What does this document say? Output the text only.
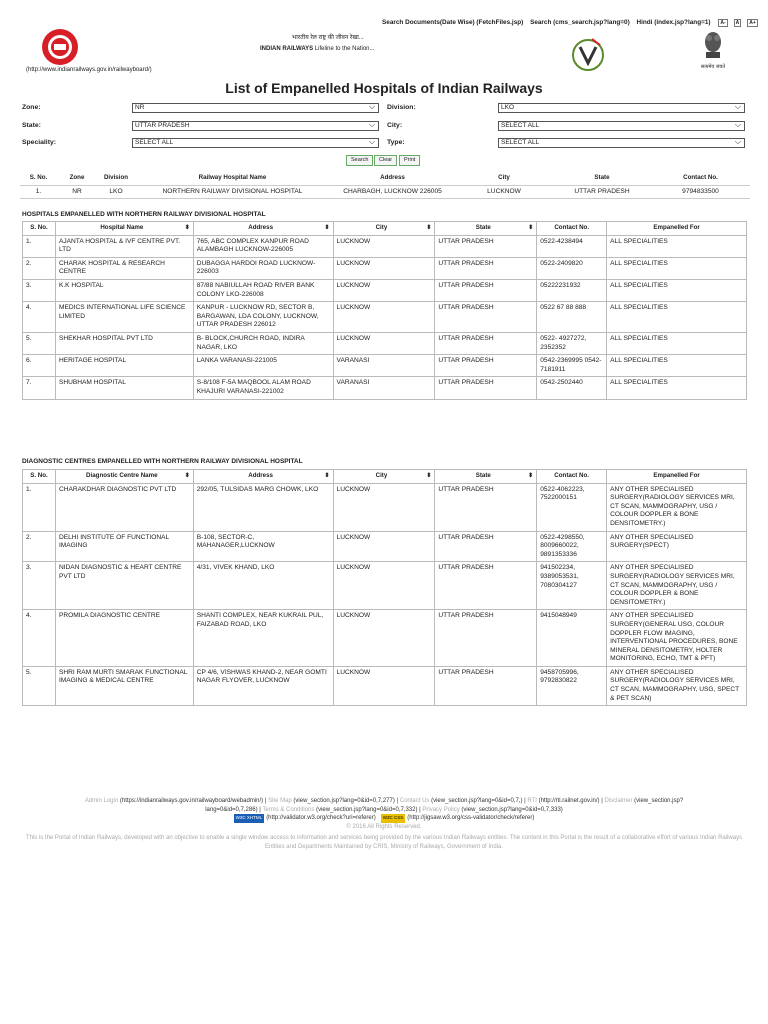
Search Documents(Date Wise) (FetchFiles.jsp) Search (cms_search.jsp?lang=0) Hindi (index.jsp?lang=1) A- A A+
भारतीय रेल राष्ट्र की जीवन रेखा...
INDIAN RAILWAYS Lifeline to the Nation...
(http://www.indianrailways.gov.in/railwayboard/)	सत्यमेव जयते
List of Empanelled Hospitals of Indian Railways
Zone:	NR	⌵ Division:	LKO	⌵
State:	UTTAR PRADESH	⌵ City:	SELECT ALL	⌵
Speciality:	SELECT ALL	⌵ Type:	SELECT ALL	⌵
Search	Clear	Print
S. No.	Zone	Division	Railway Hospital Name	Address	City	State	Contact No.
1.	NR	LKO	NORTHERN RAILWAY DIVISIONAL HOSPITAL	CHARBAGH, LUCKNOW 226005	LUCKNOW	UTTAR PRADESH	9794833500
HOSPITALS EMPANELLED WITH NORTHERN RAILWAY DIVISIONAL HOSPITAL
S. No.	Hospital Name ⬍	Address ⬍	City ⬍	State ⬍	Contact No.	Empanelled For
1.	AJANTA HOSPITAL & IVF CENTRE PVT. LTD	765, ABC COMPLEX KANPUR ROAD ALAMBAGH LUCKNOW-226005	LUCKNOW	UTTAR PRADESH	0522-4238494	ALL SPECIALITIES
2.	CHARAK HOSPITAL & RESEARCH CENTRE	DUBAGGA HARDOI ROAD LUCKNOW-226003	LUCKNOW	UTTAR PRADESH	0522-2409820	ALL SPECIALITIES
3.	K.K HOSPITAL	87/88 NABIULLAH ROAD RIVER BANK COLONY LKO-226008	LUCKNOW	UTTAR PRADESH	05222231932	ALL SPECIALITIES
4.	MEDICS INTERNATIONAL LIFE SCIENCE LIMITED	KANPUR - LUCKNOW RD, SECTOR B, BARGAWAN, LDA COLONY, LUCKNOW, UTTAR PRADESH 226012	LUCKNOW	UTTAR PRADESH	0522 67 88 888	ALL SPECIALITIES
5.	SHEKHAR HOSPITAL PVT LTD	B- BLOCK,CHURCH ROAD, INDIRA NAGAR, LKO	LUCKNOW	UTTAR PRADESH	0522- 4927272, 2352352	ALL SPECIALITIES
6.	HERITAGE HOSPITAL	LANKA VARANASI-221005	VARANASI	UTTAR PRADESH	0542-2369995 0542-7181911	ALL SPECIALITIES
7.	SHUBHAM HOSPITAL	S-8/108 F-5A MAQBOOL ALAM ROAD KHAJURI VARANASI-221002	VARANASI	UTTAR PRADESH	0542-2502440	ALL SPECIALITIES
DIAGNOSTIC CENTRES EMPANELLED WITH NORTHERN RAILWAY DIVISIONAL HOSPITAL
S. No.	Diagnostic Centre Name ⬍	Address ⬍	City ⬍	State ⬍	Contact No.	Empanelled For
1.	CHARAKDHAR DIAGNOSTIC PVT LTD	292/05, TULSIDAS MARG CHOWK, LKO	LUCKNOW	UTTAR PRADESH	0522-4062223, 7522000151	ANY OTHER SPECIALISED SURGERY(RADIOLOGY SERVICES MRI, CT SCAN, MAMMOGRAPHY, USG / COLOUR DOPPLER & BONE DENSITOMETRY.)
2.	DELHI INSTITUTE OF FUNCTIONAL IMAGING	B-108, SECTOR-C, MAHANAGER,LUCKNOW	LUCKNOW	UTTAR PRADESH	0522-4298550, 8009660022, 9891353336	ANY OTHER SPECIALISED SURGERY(SPECT)
3.	NIDAN DIAGNOSTIC & HEART CENTRE PVT LTD	4/31, VIVEK KHAND, LKO	LUCKNOW	UTTAR PRADESH	941502234, 9389053531, 7080304127	ANY OTHER SPECIALISED SURGERY(RADIOLOGY SERVICES MRI, CT SCAN, MAMMOGRAPHY, USG / COLOUR DOPPLER & BONE DENSITOMETRY.)
4.	PROMILA DIAGNOSTIC CENTRE	SHANTI COMPLEX, NEAR KUKRAIL PUL, FAIZABAD ROAD, LKO	LUCKNOW	UTTAR PRADESH	9415048949	ANY OTHER SPECIALISED SURGERY(GENERAL USG, COLOUR DOPPLER FLOW IMAGING, INTERVENTIONAL PROCEDURES, BONE MINERAL DENSITOMETRY, HOLTER MONITORING, ECHO, TMT & PFT)
5.	SHRI RAM MURTI SMARAK FUNCTIONAL IMAGING & MEDICAL CENTRE	CP 4/6, VISHWAS KHAND-2, NEAR GOMTI NAGAR FLYOVER, LUCKNOW	LUCKNOW	UTTAR PRADESH	9458705996, 9792830822	ANY OTHER SPECIALISED SURGERY(RADIOLOGY SERVICES MRI, CT SCAN, MAMMOGRAPHY, USG, SPECT & PET SCAN)
Admin Login (https://indianrailways.gov.in/railwayboard/webadmin/) | Site Map (view_section.jsp?lang=0&id=0,7,277) | Contact Us (view_section.jsp?lang=0&id=0,7,) | RTI (http://rti.railnet.gov.in/) | Disclaimer (view_section.jsp?
lang=0&id=0,7,286) | Terms & Conditions (view_section.jsp?lang=0&id=0,7,332) | Privacy Policy (view_section.jsp?lang=0&id=0,7,333)
W3C XHTML (http://validator.w3.org/check?uri=referer) W3C CSS (http://jigsaw.w3.org/css-validator/check/referer)
© 2016 All Rights Reserved.
This is the Portal of Indian Railways, developed with an objective to enable a single window access to information and services being provided by the various Indian Railways entities. The content in this Portal is the result of a collaborative effort of various Indian Railways Entities and Departments Maintained by CRIS, Ministry of Railways, Government of India.
